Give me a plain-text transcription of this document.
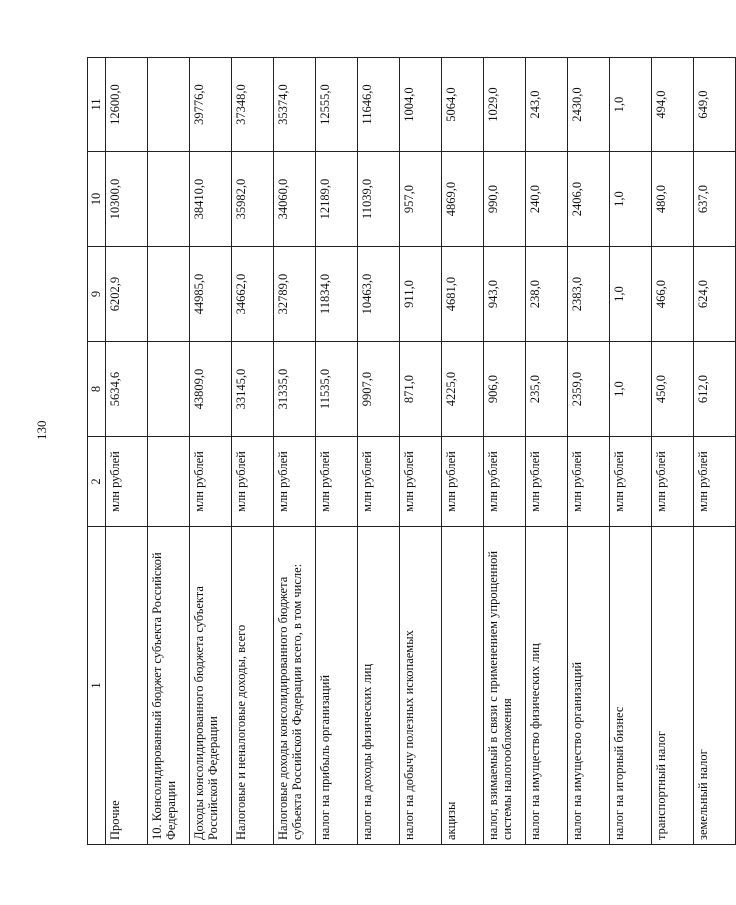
130
1	2	8	9	10	11
Прочие	млн рублей	5634,6	6202,9	10300,0	12600,0
10. Консолидированный бюджет субъекта Российской Федерации					
Доходы консолидированного бюджета субъекта Российской Федерации	млн рублей	43809,0	44985,0	38410,0	39776,0
Налоговые и неналоговые доходы, всего	млн рублей	33145,0	34662,0	35982,0	37348,0
Налоговые доходы консолидированного бюджета субъекта Российской Федерации всего, в том числе:	млн рублей	31335,0	32789,0	34060,0	35374,0
налог на прибыль организаций	млн рублей	11535,0	11834,0	12189,0	12555,0
налог на доходы физических лиц	млн рублей	9907,0	10463,0	11039,0	11646,0
налог на добычу полезных ископаемых	млн рублей	871,0	911,0	957,0	1004,0
акцизы	млн рублей	4225,0	4681,0	4869,0	5064,0
налог, взимаемый в связи с применением упрощенной системы налогообложения	млн рублей	906,0	943,0	990,0	1029,0
налог на имущество физических лиц	млн рублей	235,0	238,0	240,0	243,0
налог на имущество организаций	млн рублей	2359,0	2383,0	2406,0	2430,0
налог на игорный бизнес	млн рублей	1,0	1,0	1,0	1,0
транспортный налог	млн рублей	450,0	466,0	480,0	494,0
земельный налог	млн рублей	612,0	624,0	637,0	649,0
